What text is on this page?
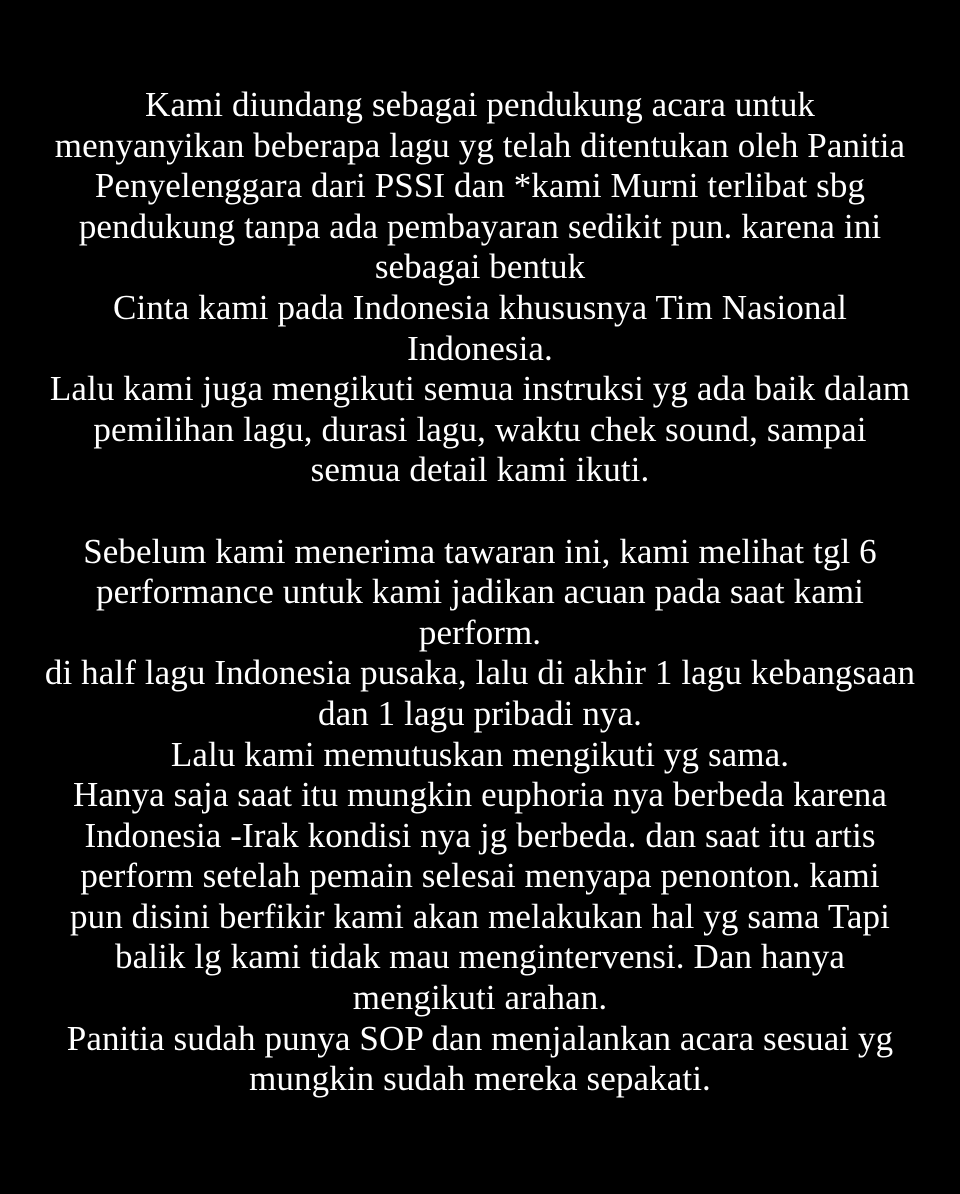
Kami diundang sebagai pendukung acara untuk
menyanyikan beberapa lagu yg telah ditentukan oleh Panitia
Penyelenggara dari PSSI dan *kami Murni terlibat sbg
pendukung tanpa ada pembayaran sedikit pun. karena ini
sebagai bentuk
Cinta kami pada Indonesia khususnya Tim Nasional
Indonesia.
Lalu kami juga mengikuti semua instruksi yg ada baik dalam
pemilihan lagu, durasi lagu, waktu chek sound, sampai
semua detail kami ikuti.
Sebelum kami menerima tawaran ini, kami melihat tgl 6
performance untuk kami jadikan acuan pada saat kami
perform.
di half lagu Indonesia pusaka, lalu di akhir 1 lagu kebangsaan
dan 1 lagu pribadi nya.
Lalu kami memutuskan mengikuti yg sama.
Hanya saja saat itu mungkin euphoria nya berbeda karena
Indonesia -Irak kondisi nya jg berbeda. dan saat itu artis
perform setelah pemain selesai menyapa penonton. kami
pun disini berfikir kami akan melakukan hal yg sama Tapi
balik lg kami tidak mau mengintervensi. Dan hanya
mengikuti arahan.
Panitia sudah punya SOP dan menjalankan acara sesuai yg
mungkin sudah mereka sepakati.
